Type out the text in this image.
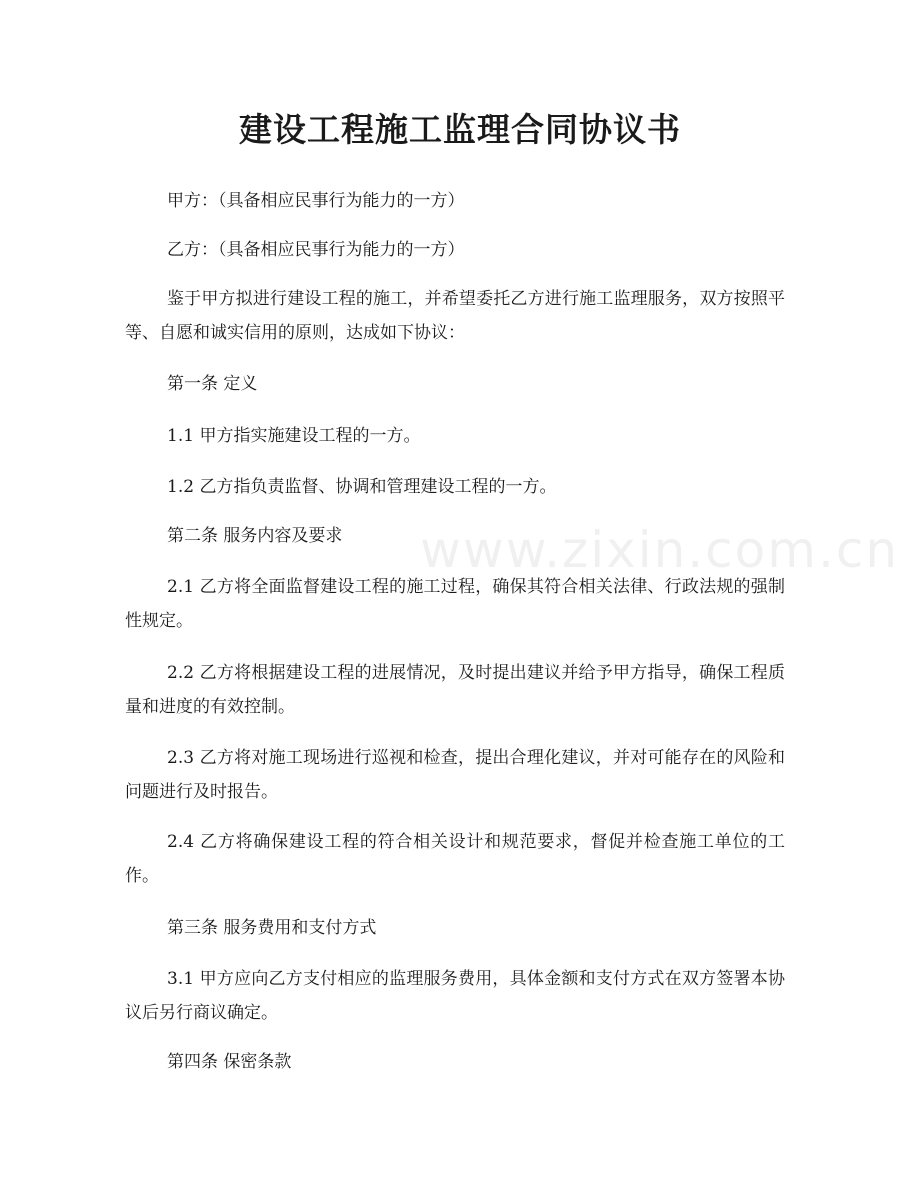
建设工程施工监理合同协议书

甲方：（具备相应民事行为能力的一方）

乙方：（具备相应民事行为能力的一方）

鉴于甲方拟进行建设工程的施工，并希望委托乙方进行施工监理服务，双方按照平等、自愿和诚实信用的原则，达成如下协议：

第一条 定义

1.1 甲方指实施建设工程的一方。

1.2 乙方指负责监督、协调和管理建设工程的一方。

第二条 服务内容及要求

2.1 乙方将全面监督建设工程的施工过程，确保其符合相关法律、行政法规的强制性规定。

2.2 乙方将根据建设工程的进展情况，及时提出建议并给予甲方指导，确保工程质量和进度的有效控制。

2.3 乙方将对施工现场进行巡视和检查，提出合理化建议，并对可能存在的风险和问题进行及时报告。

2.4 乙方将确保建设工程的符合相关设计和规范要求，督促并检查施工单位的工作。

第三条 服务费用和支付方式

3.1 甲方应向乙方支付相应的监理服务费用，具体金额和支付方式在双方签署本协议后另行商议确定。

第四条 保密条款

www.zixin.com.cn
